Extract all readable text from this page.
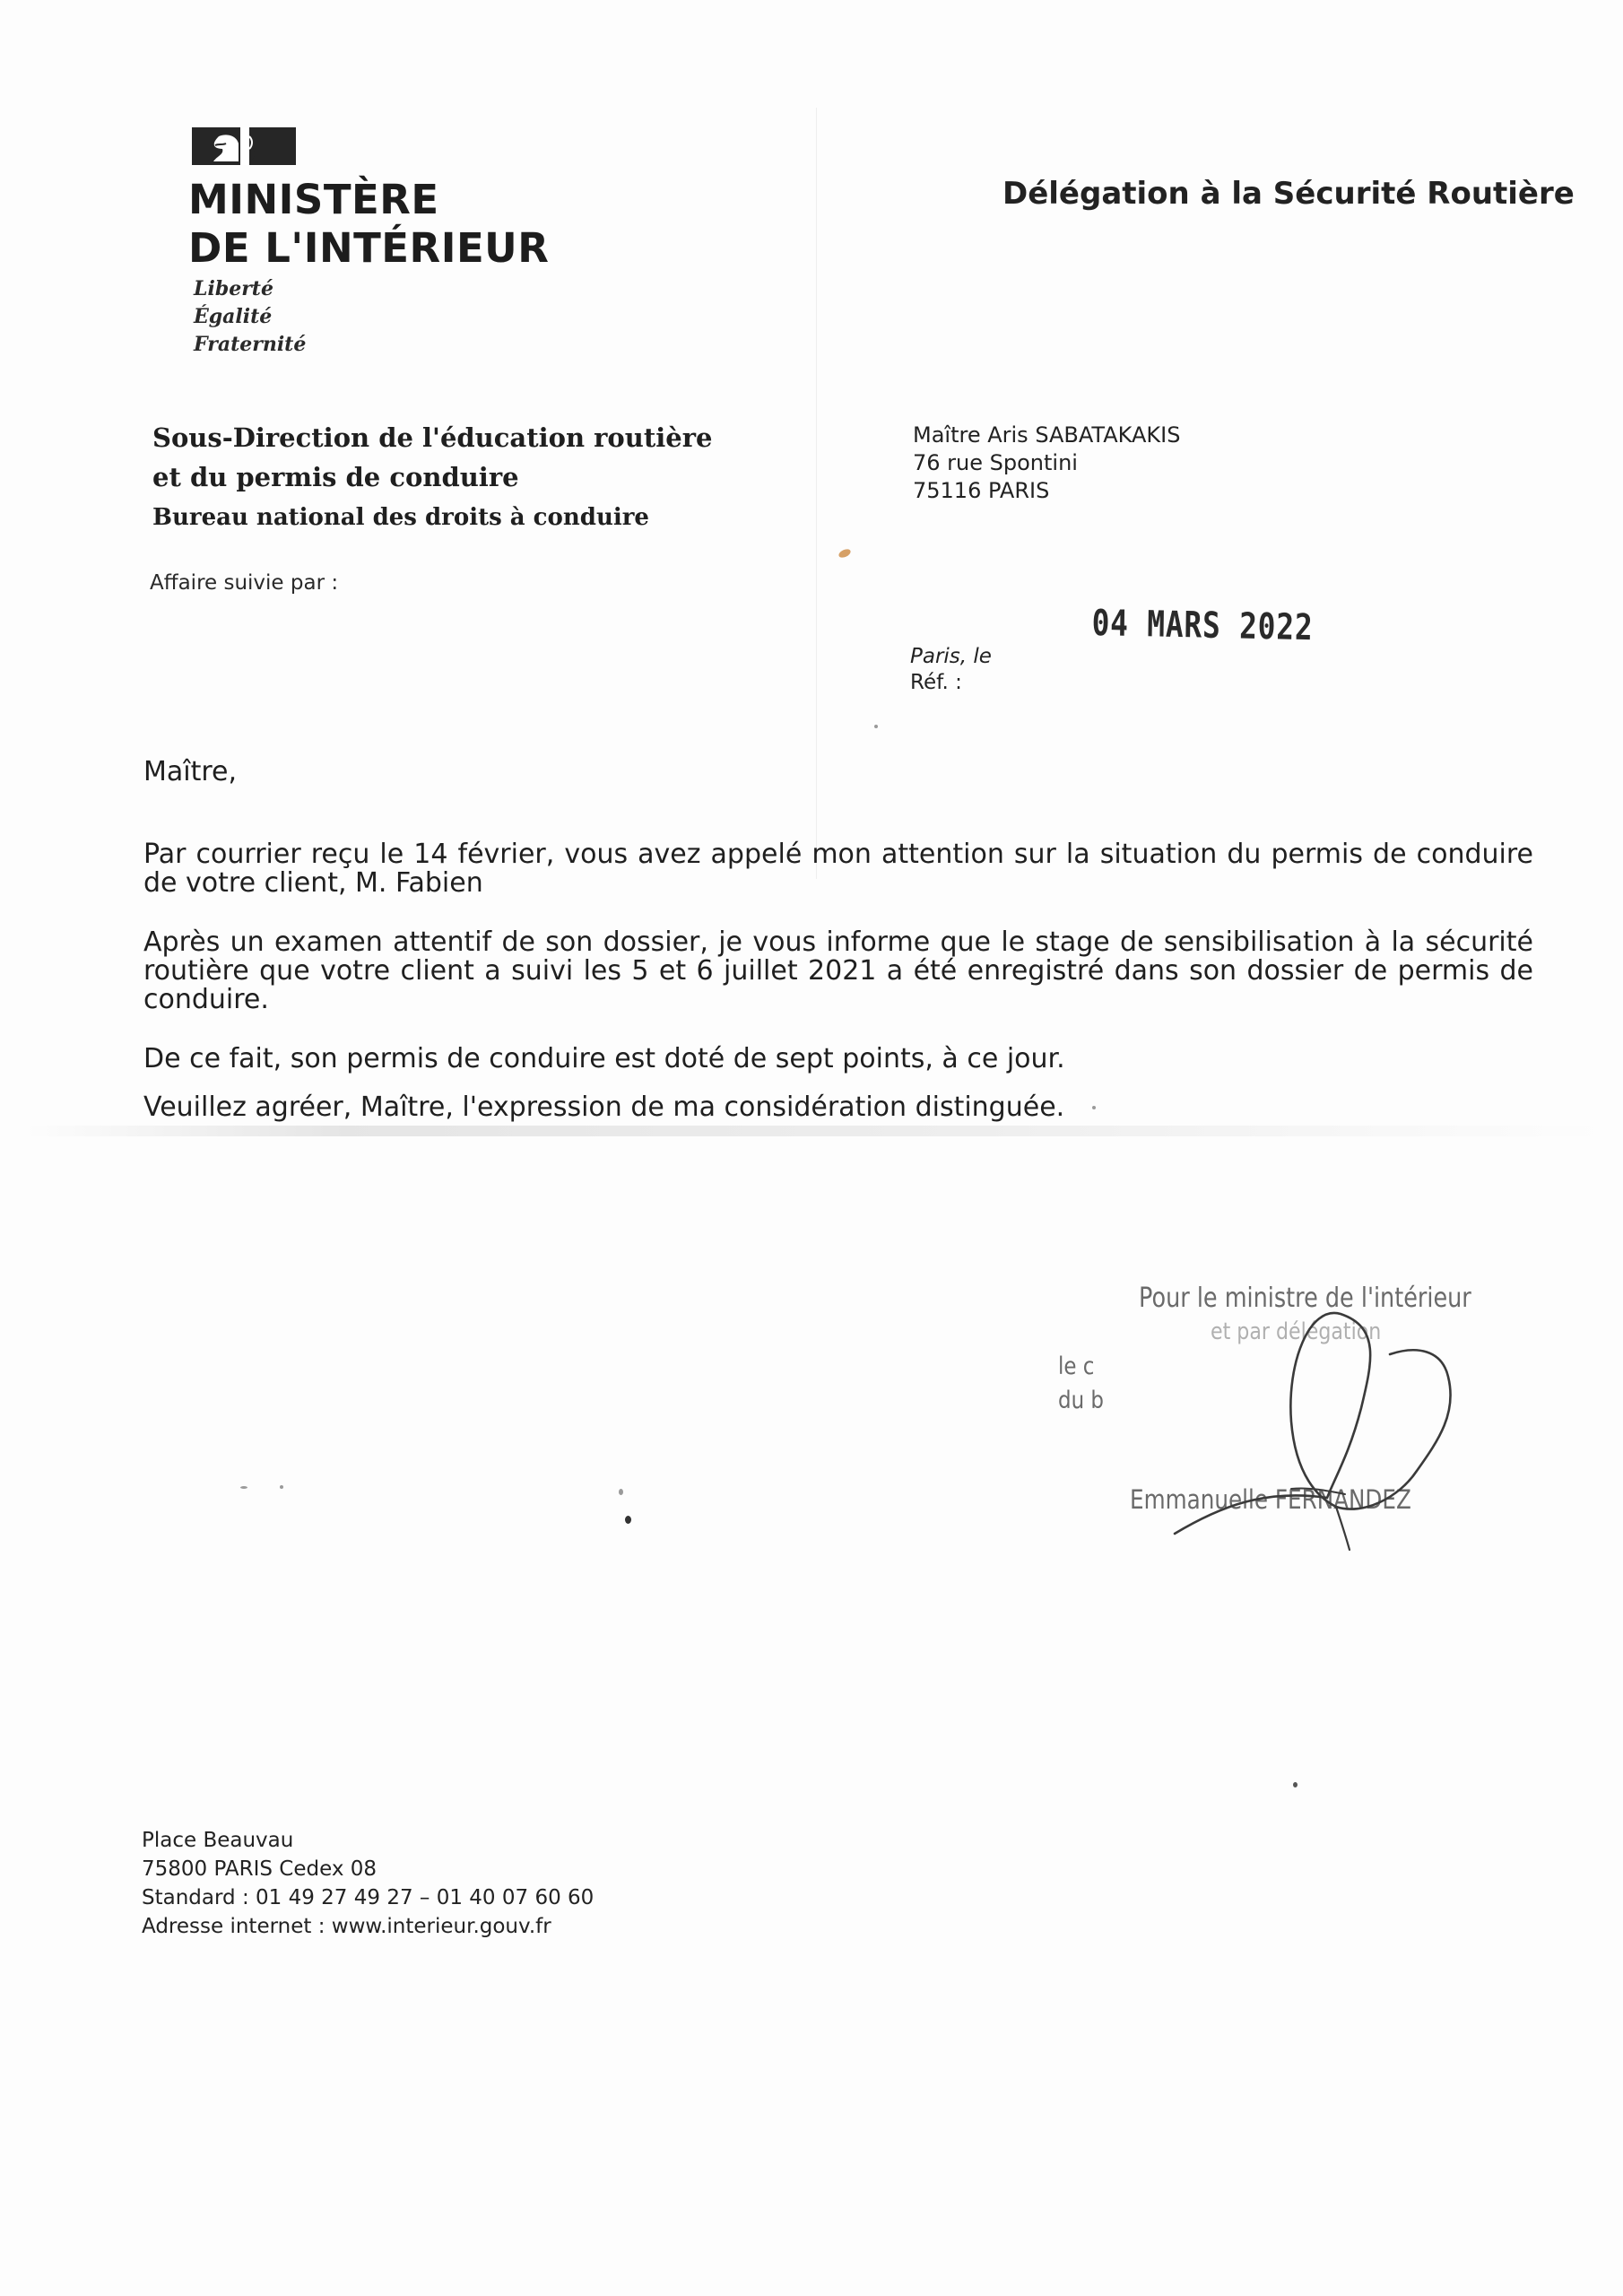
MINISTÈRE
DE L'INTÉRIEUR
Liberté
Égalité
Fraternité
Délégation à la Sécurité Routière
Sous-Direction de l'éducation routière
et du permis de conduire
Bureau national des droits à conduire
Affaire suivie par :
Maître Aris SABATAKAKIS
76 rue Spontini
75116 PARIS
04 MARS 2022
Paris, le
Réf. :

Maître,

Par courrier reçu le 14 février, vous avez appelé mon attention sur la situation du permis de conduire de votre client, M. Fabien

Après un examen attentif de son dossier, je vous informe que le stage de sensibilisation à la sécurité routière que votre client a suivi les 5 et 6 juillet 2021 a été enregistré dans son dossier de permis de conduire.

De ce fait, son permis de conduire est doté de sept points, à ce jour.

Veuillez agréer, Maître, l'expression de ma considération distinguée.

Pour le ministre de l'intérieur
et par délégation
le c
du b
Emmanuelle FERNANDEZ
Place Beauvau
75800 PARIS Cedex 08
Standard : 01 49 27 49 27 – 01 40 07 60 60
Adresse internet : www.interieur.gouv.fr
